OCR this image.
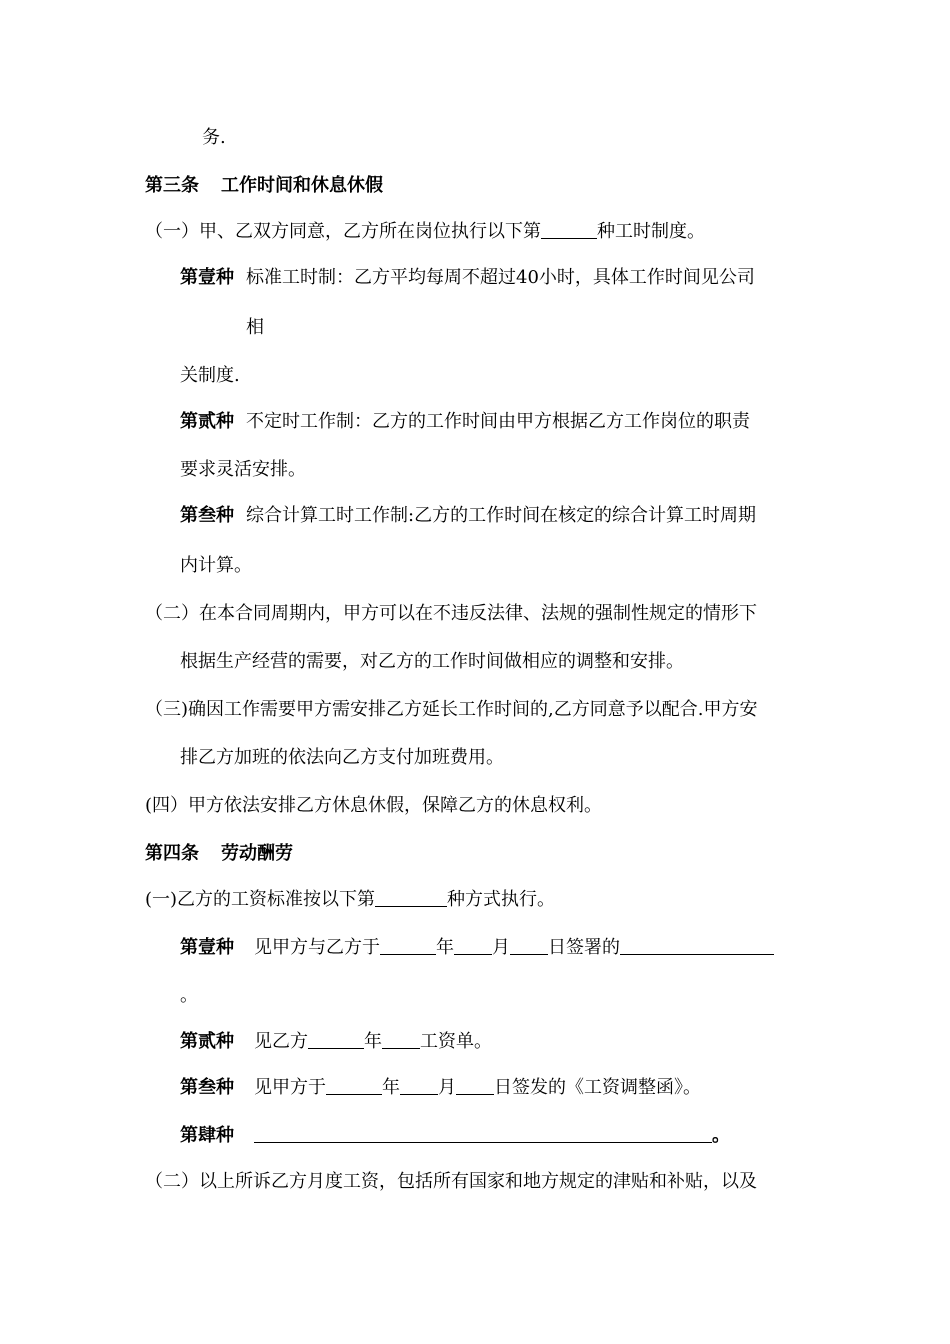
务.
第三条 工作时间和休息休假
（一）甲、乙双方同意，乙方所在岗位执行以下第	种工时制度。
第壹种 标准工时制：乙方平均每周不超过40小时，具体工作时间见公司
相
关制度.
第贰种 不定时工作制：乙方的工作时间由甲方根据乙方工作岗位的职责
要求灵活安排。
第叁种 综合计算工时工作制:乙方的工作时间在核定的综合计算工时周期
内计算。
（二）在本合同周期内，甲方可以在不违反法律、法规的强制性规定的情形下
根据生产经营的需要，对乙方的工作时间做相应的调整和安排。
（三)确因工作需要甲方需安排乙方延长工作时间的,乙方同意予以配合.甲方安
排乙方加班的依法向乙方支付加班费用。
(四）甲方依法安排乙方休息休假，保障乙方的休息权利。
第四条 劳动酬劳
(一)乙方的工资标准按以下第	种方式执行。
第壹种 见甲方与乙方于	年 月 日签署的
。
第贰种 见乙方	年 工资单。
第叁种 见甲方于	年 月 日签发的《工资调整函》。
第肆种	。
（二）以上所诉乙方月度工资，包括所有国家和地方规定的津贴和补贴，以及
